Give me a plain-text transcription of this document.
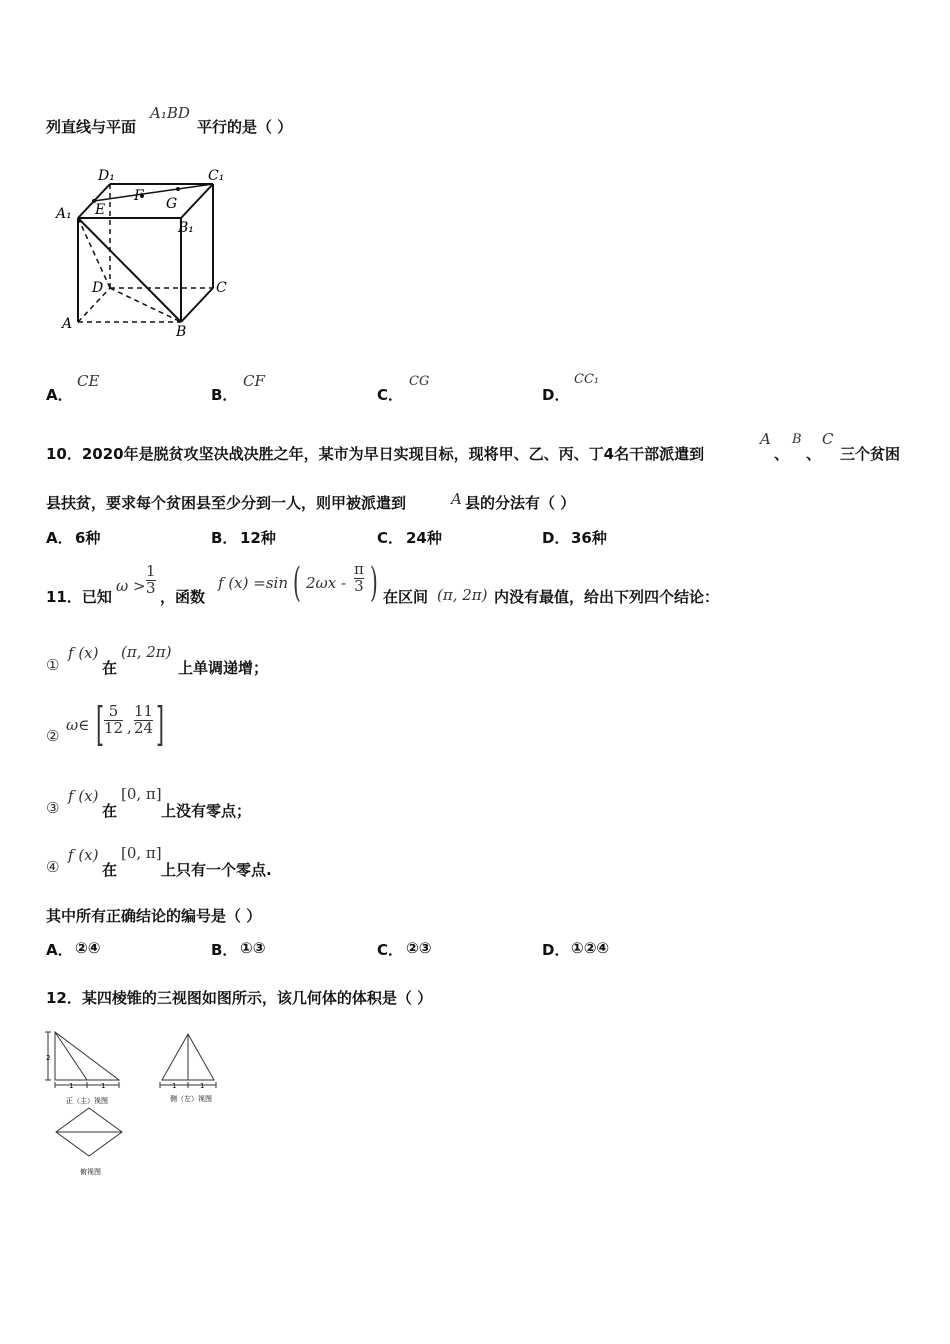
列直线与平面
A₁BD
平行的是（ ）
D₁	C₁
A₁ E
F G
B₁
D	C
A	B
A．
CE
B．
CF
C．
CG
D．
CC₁
10．2020年是脱贫攻坚决战决胜之年，某市为早日实现目标，现将甲、乙、丙、丁4名干部派遣到
A
、
B
、
C
三个贫困
县扶贫，要求每个贫困县至少分到一人，则甲被派遣到	A 县的分法有（ ）
A． 6种	B． 12种	C． 24种	D． 36种
11．已知
ω >
1
3
，函数
f (x) =sin ( 2ωx -
π
3 ) 在区间 (π, 2π) 内没有最值，给出下列四个结论：
①
f (x)
在
(π, 2π)
上单调递增；
②
ω∈ [ 5
12 ,
11
24 ]
③
f (x)
在
[0, π]
上没有零点；
④
f (x)
在
[0, π]
上只有一个零点.
其中所有正确结论的编号是（ ）
A． ②④	B． ①③	C． ②③	D． ①②④
12．某四棱锥的三视图如图所示，该几何体的体积是（ ）
2
1	1	1	1
正（主）视图	侧（左）视图
俯视图
